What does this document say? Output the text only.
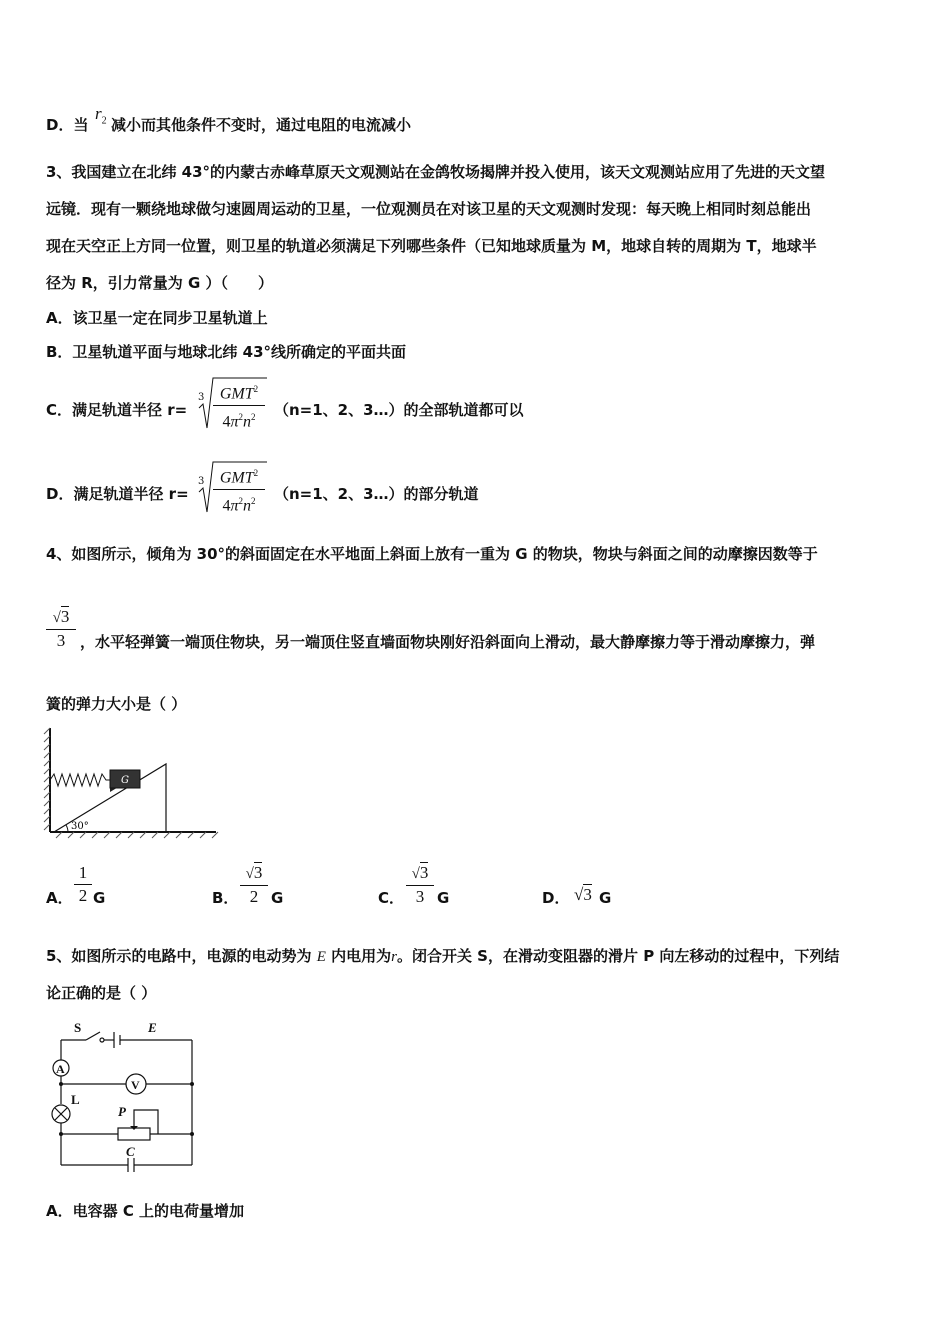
D．当
$r_2$ 减小而其他条件不变时，通过电阻的电流减小
3、我国建立在北纬 43°的内蒙古赤峰草原天文观测站在金鸽牧场揭牌并投入使用，该天文观测站应用了先进的天文望
远镜．现有一颗绕地球做匀速圆周运动的卫星，一位观测员在对该卫星的天文观测时发现：每天晚上相同时刻总能出
现在天空正上方同一位置，则卫星的轨道必须满足下列哪些条件（已知地球质量为 M，地球自转的周期为 T，地球半
径为 R，引力常量为 G ）（　　）
A．该卫星一定在同步卫星轨道上
B．卫星轨道平面与地球北纬 43°线所确定的平面共面
C．满足轨道半径 r=
3 GMT$^2$
$4\pi^2n^2$	（n=1、2、3…）的全部轨道都可以
D．满足轨道半径 r=
3 GMT$^2$
$4\pi^2n^2$	（n=1、2、3…）的部分轨道
4、如图所示，倾角为 30°的斜面固定在水平地面上斜面上放有一重为 G 的物块，物块与斜面之间的动摩擦因数等于
√3
3 ，水平轻弹簧一端顶住物块，另一端顶住竖直墙面物块刚好沿斜面向上滑动，最大静摩擦力等于滑动摩擦力，弹
簧的弹力大小是（ ）
G
30°
A．
1
2 G	B．
√3
2 G	C．
√3
3 G	D． √3 G
5、如图所示的电路中，电源的电动势为 E 内电用为r。闭合开关 S，在滑动变阻器的滑片 P 向左移动的过程中，下列结
论正确的是（ ）
S	E
A
V
L
P
C
A．电容器 C 上的电荷量增加
